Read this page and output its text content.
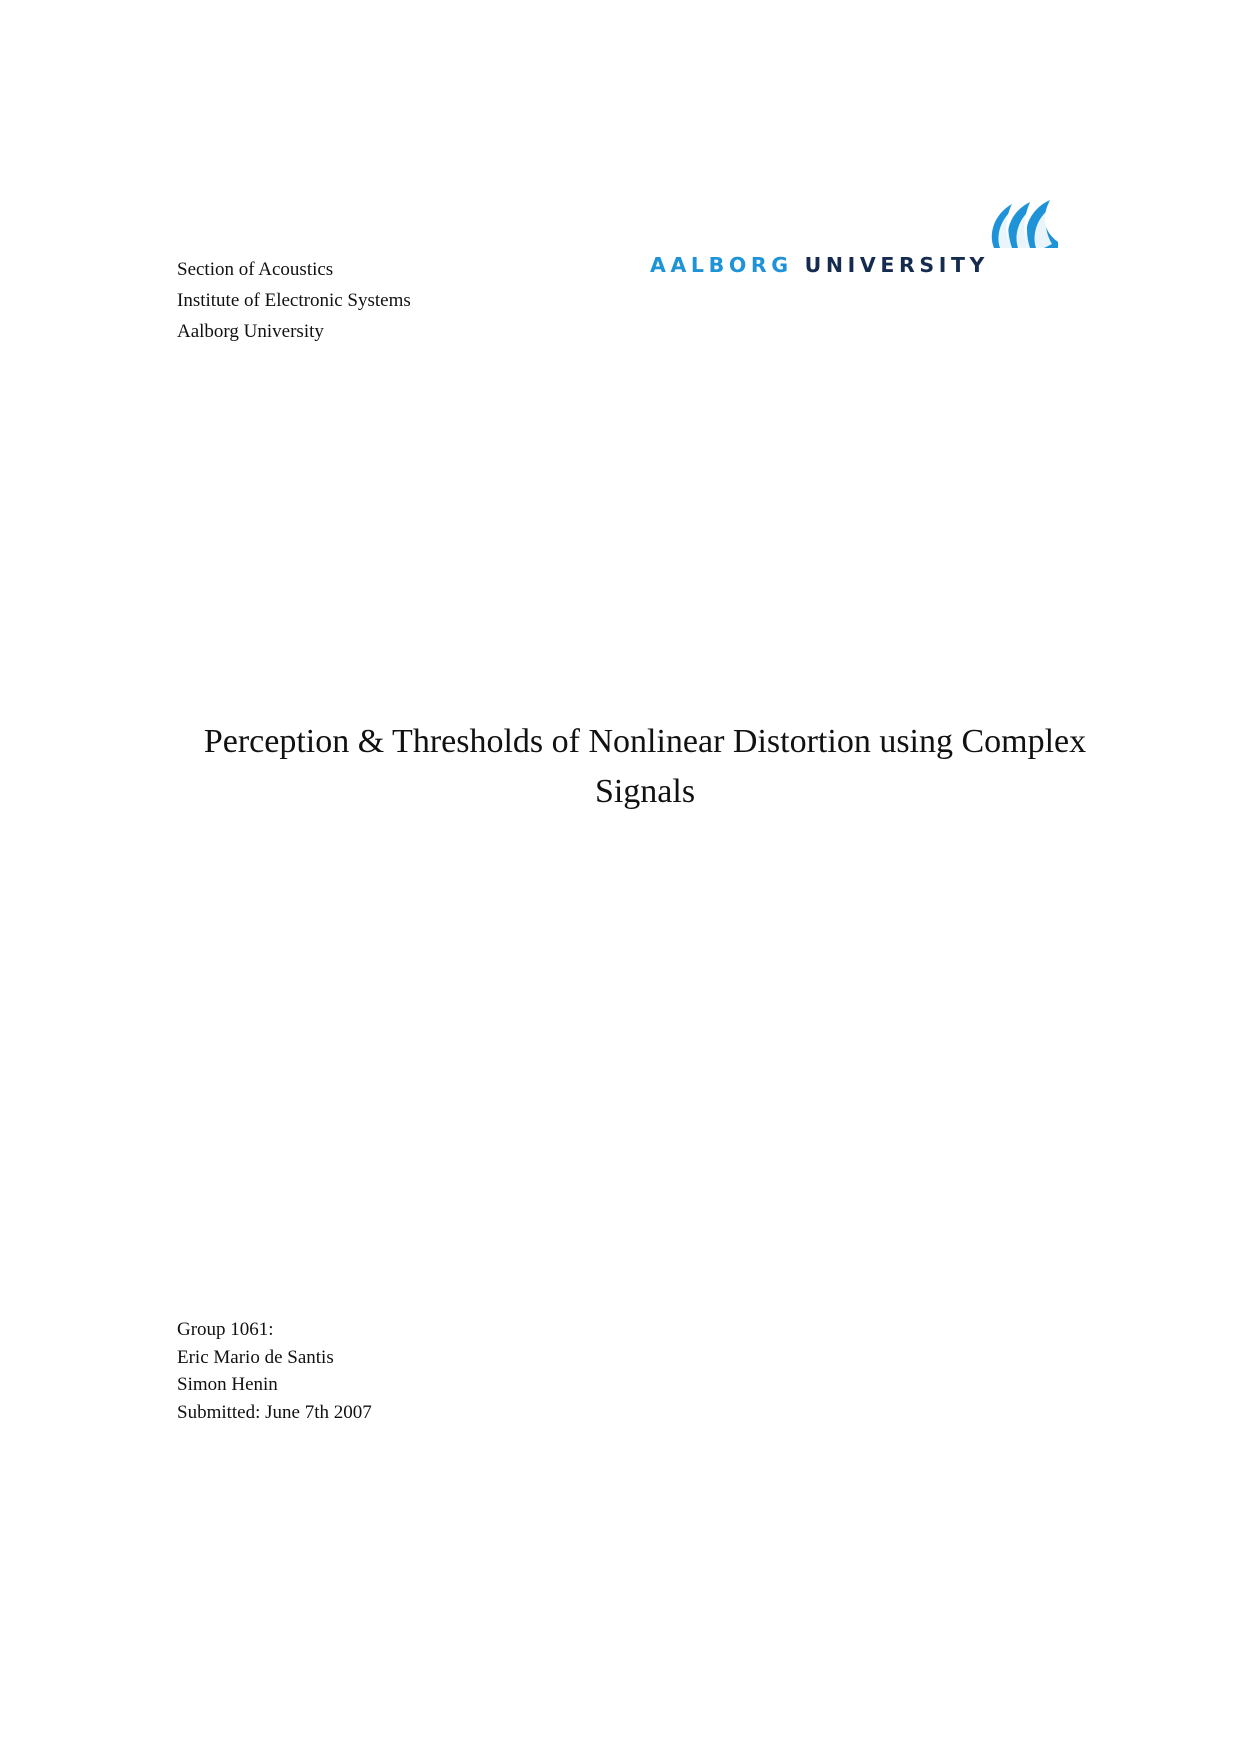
Section of Acoustics
Institute of Electronic Systems
Aalborg University
AALBORG UNIVERSITY
Perception & Thresholds of Nonlinear Distortion using Complex Signals
Group 1061:
Eric Mario de Santis
Simon Henin
Submitted: June 7th 2007
